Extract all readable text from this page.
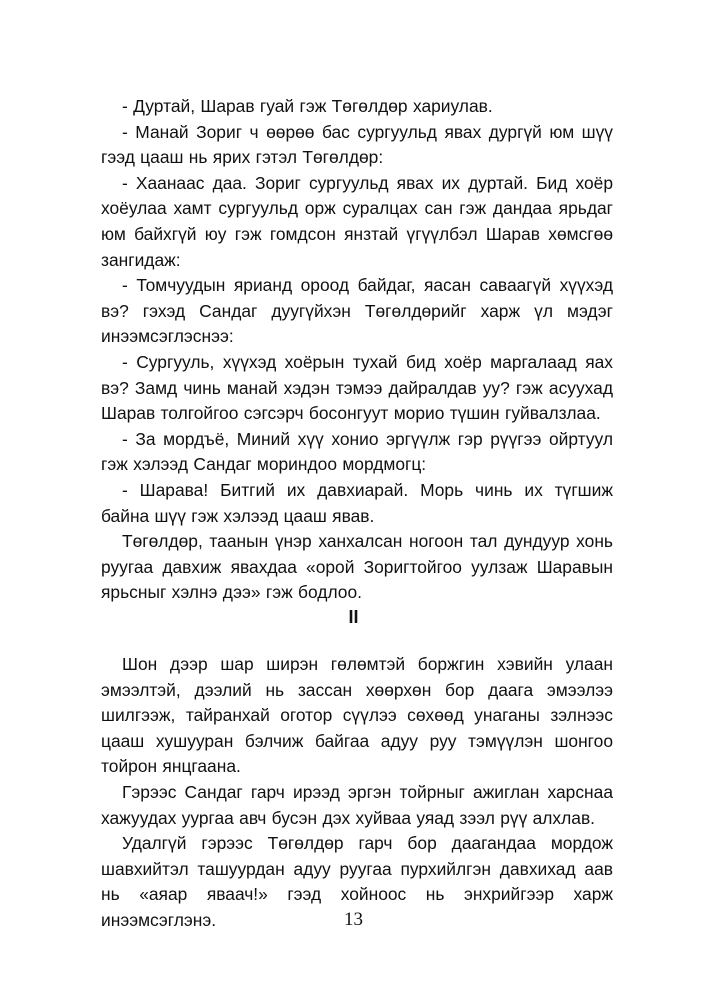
- Дуртай, Шарав гуай гэж Төгөлдөр хариулав.

- Манай Зориг ч өөрөө бас сургуульд явах дургүй юм шүү гээд цааш нь ярих гэтэл Төгөлдөр:

- Хаанаас даа. Зориг сургуульд явах их дуртай. Бид хоёр хоёулаа хамт сургуульд орж суралцах сан гэж дандаа ярьдаг юм байхгүй юу гэж гомдсон янзтай үгүүлбэл Шарав хөмсгөө зангидаж:

- Томчуудын ярианд ороод байдаг, яасан саваагүй хүүхэд вэ? гэхэд Сандаг дуугүйхэн Төгөлдөрийг харж үл мэдэг инээмсэглэснээ:

- Сургууль, хүүхэд хоёрын тухай бид хоёр маргалаад яах вэ? Замд чинь манай хэдэн тэмээ дайралдав уу? гэж асуухад Шарав толгойгоо сэгсэрч босонгуут морио түшин гуйвалзлаа.

- За мордъё, Миний хүү хонио эргүүлж гэр рүүгээ ойртуул гэж хэлээд Сандаг мориндоо мордмогц:

- Шарава! Битгий их давхиарай. Морь чинь их түгшиж байна шүү гэж хэлээд цааш явав.

Төгөлдөр, таанын үнэр ханхалсан ногоон тал дундуур хонь руугаа давхиж явахдаа «орой Зоригтойгоо уулзаж Шаравын ярьсныг хэлнэ дээ» гэж бодлоо.

II

Шон дээр шар ширэн гөлөмтэй боржгин хэвийн улаан эмээлтэй, дээлий нь зассан хөөрхөн бор даага эмээлээ шилгээж, тайранхай оготор сүүлээ сөхөөд унаганы зэлнээс цааш хушууран бэлчиж байгаа адуу руу тэмүүлэн шонгоо тойрон янцгаана.

Гэрээс Сандаг гарч ирээд эргэн тойрныг ажиглан харснаа хажуудах уургаа авч бусэн дэх хуйваа уяад зээл рүү алхлав.

Удалгүй гэрээс Төгөлдөр гарч бор даагандаа мордож шавхийтэл ташуурдан адуу руугаа пурхийлгэн давхихад аав нь «аяар яваач!» гээд хойноос нь энхрийгээр харж инээмсэглэнэ.	13
